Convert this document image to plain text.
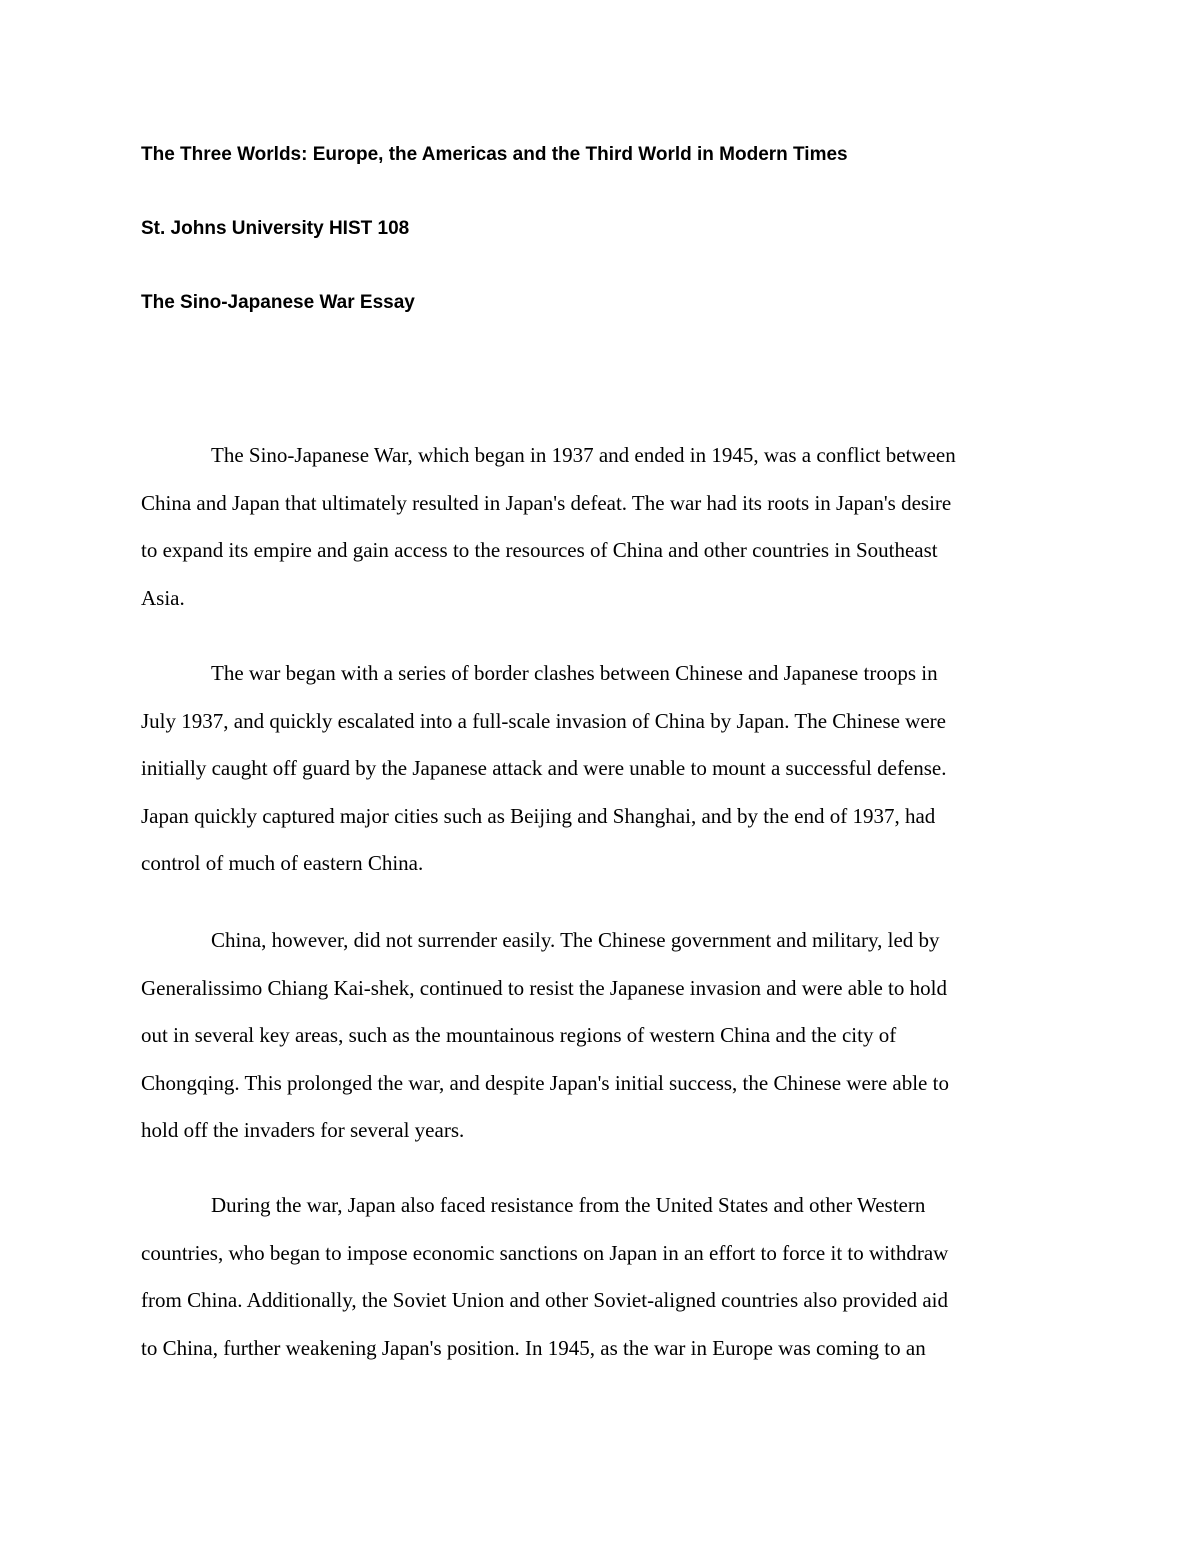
The Three Worlds: Europe, the Americas and the Third World in Modern Times

St. Johns University HIST 108

The Sino-Japanese War Essay

The Sino-Japanese War, which began in 1937 and ended in 1945, was a conflict between
China and Japan that ultimately resulted in Japan's defeat. The war had its roots in Japan's desire
to expand its empire and gain access to the resources of China and other countries in Southeast
Asia.
The war began with a series of border clashes between Chinese and Japanese troops in
July 1937, and quickly escalated into a full-scale invasion of China by Japan. The Chinese were
initially caught off guard by the Japanese attack and were unable to mount a successful defense.
Japan quickly captured major cities such as Beijing and Shanghai, and by the end of 1937, had
control of much of eastern China.
China, however, did not surrender easily. The Chinese government and military, led by
Generalissimo Chiang Kai-shek, continued to resist the Japanese invasion and were able to hold
out in several key areas, such as the mountainous regions of western China and the city of
Chongqing. This prolonged the war, and despite Japan's initial success, the Chinese were able to
hold off the invaders for several years.
During the war, Japan also faced resistance from the United States and other Western
countries, who began to impose economic sanctions on Japan in an effort to force it to withdraw
from China. Additionally, the Soviet Union and other Soviet-aligned countries also provided aid
to China, further weakening Japan's position. In 1945, as the war in Europe was coming to an
